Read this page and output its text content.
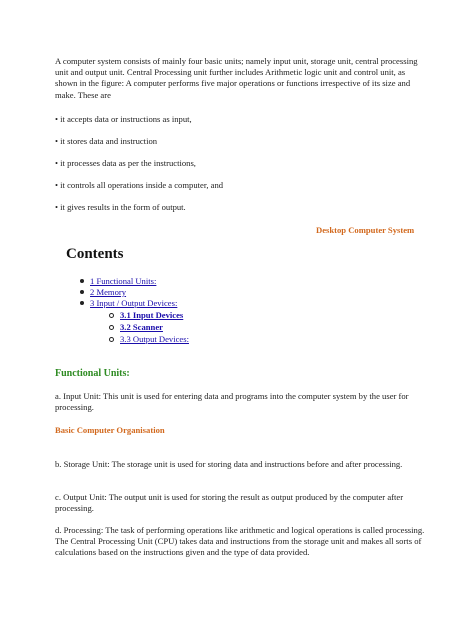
A computer system consists of mainly four basic units; namely input unit, storage unit, central processing unit and output unit. Central Processing unit further includes Arithmetic logic unit and control unit, as shown in the figure: A computer performs five major operations or functions irrespective of its size and make. These are

• it accepts data or instructions as input,

• it stores data and instruction

• it processes data as per the instructions,

• it controls all operations inside a computer, and

• it gives results in the form of output.

Desktop Computer System

Contents
1 Functional Units:
2 Memory
3 Input / Output Devices:
3.1 Input Devices
3.2 Scanner
3.3 Output Devices:
Functional Units:

a. Input Unit: This unit is used for entering data and programs into the computer system by the user for processing.

Basic Computer Organisation

b. Storage Unit: The storage unit is used for storing data and instructions before and after processing.

c. Output Unit: The output unit is used for storing the result as output produced by the computer after processing.

d. Processing: The task of performing operations like arithmetic and logical operations is called processing. The Central Processing Unit (CPU) takes data and instructions from the storage unit and makes all sorts of calculations based on the instructions given and the type of data provided.
